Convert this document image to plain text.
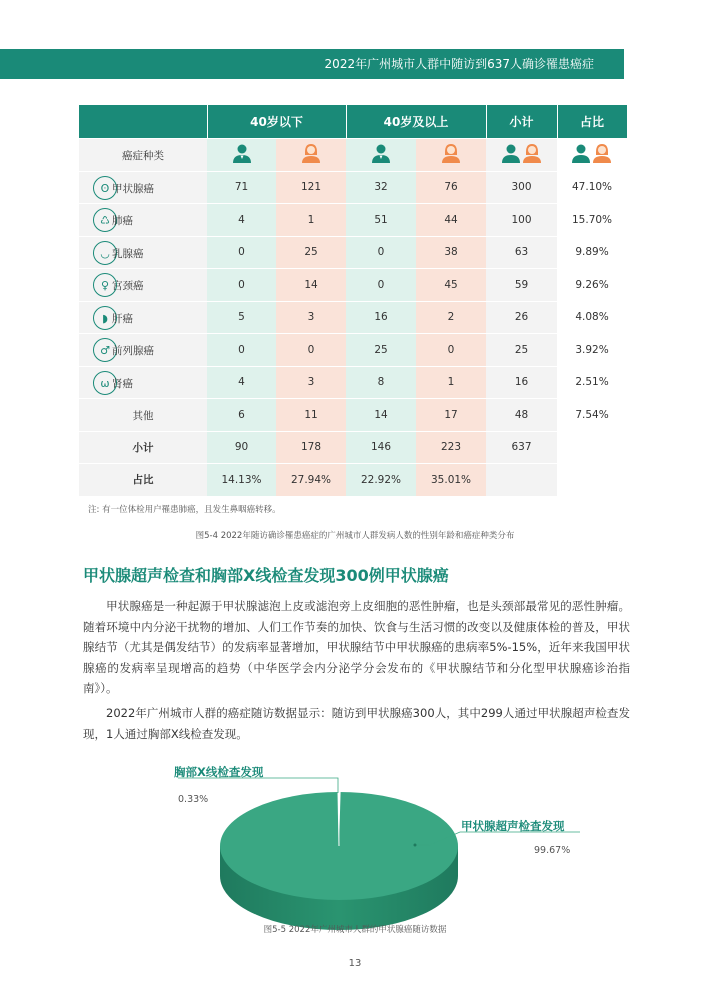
2022年广州城市人群中随访到637人确诊罹患癌症
	40岁以下		40岁及以上		小计	占比

癌症种类

ʘ 甲状腺癌	71	121	32	76	300	47.10%

♺ 肺癌	4	1	51	44	100	15.70%

◡ 乳腺癌	0	25	0	38	63	9.89%

♀ 宫颈癌	0	14	0	45	59	9.26%

◗ 肝癌	5	3	16	2	26	4.08%

♂ 前列腺癌	0	0	25	0	25	3.92%

ω 肾癌	4	3	8	1	16	2.51%

其他	6	11	14	17	48	7.54%
小计	90	178	146	223	637	
占比	14.13%	27.94%	22.92%	35.01%		
注: 有一位体检用户罹患肺癌，且发生鼻咽癌转移。
图5-4 2022年随访确诊罹患癌症的广州城市人群发病人数的性别年龄和癌症种类分布
甲状腺超声检查和胸部X线检查发现300例甲状腺癌
甲状腺癌是一种起源于甲状腺滤泡上皮或滤泡旁上皮细胞的恶性肿瘤，也是头颈部最常见的恶性肿瘤。随着环境中内分泌干扰物的增加、人们工作节奏的加快、饮食与生活习惯的改变以及健康体检的普及，甲状腺结节（尤其是偶发结节）的发病率显著增加，甲状腺结节中甲状腺癌的患病率5%-15%，近年来我国甲状腺癌的发病率呈现增高的趋势（中华医学会内分泌学分会发布的《甲状腺结节和分化型甲状腺癌诊治指南》）。
2022年广州城市人群的癌症随访数据显示：随访到甲状腺癌300人，其中299人通过甲状腺超声检查发现，1人通过胸部X线检查发现。
胸部X线检查发现
0.33%
甲状腺超声检查发现
99.67%
图5-5 2022年广州城市人群的甲状腺癌随访数据
13
